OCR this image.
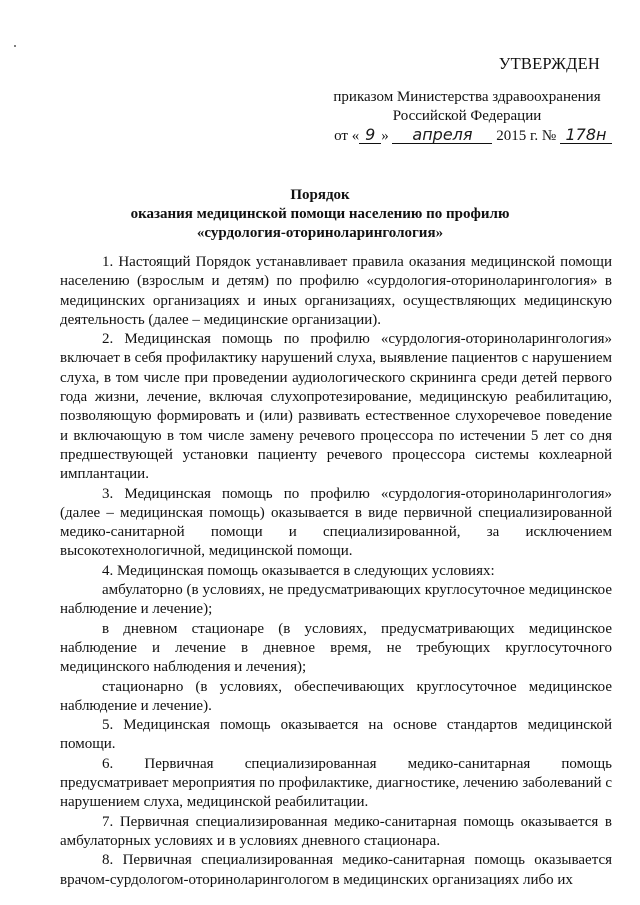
УТВЕРЖДЕН
приказом Министерства здравоохранения
Российской Федерации
от « 9 » апреля 2015 г. № 178н
Порядок
оказания медицинской помощи населению по профилю
«сурдология-оториноларингология»

1. Настоящий Порядок устанавливает правила оказания медицинской помощи населению (взрослым и детям) по профилю «сурдология-оториноларингология» в медицинских организациях и иных организациях, осуществляющих медицинскую деятельность (далее – медицинские организации).

2. Медицинская помощь по профилю «сурдология-оториноларингология» включает в себя профилактику нарушений слуха, выявление пациентов с нарушением слуха, в том числе при проведении аудиологического скрининга среди детей первого года жизни, лечение, включая слухопротезирование, медицинскую реабилитацию, позволяющую формировать и (или) развивать естественное слухоречевое поведение и включающую в том числе замену речевого процессора по истечении 5 лет со дня предшествующей установки пациенту речевого процессора системы кохлеарной имплантации.

3. Медицинская помощь по профилю «сурдология-оториноларингология» (далее – медицинская помощь) оказывается в виде первичной специализированной медико-санитарной помощи и специализированной, за исключением высокотехнологичной, медицинской помощи.

4. Медицинская помощь оказывается в следующих условиях:

амбулаторно (в условиях, не предусматривающих круглосуточное медицинское наблюдение и лечение);

в дневном стационаре (в условиях, предусматривающих медицинское наблюдение и лечение в дневное время, не требующих круглосуточного медицинского наблюдения и лечения);

стационарно (в условиях, обеспечивающих круглосуточное медицинское наблюдение и лечение).

5. Медицинская помощь оказывается на основе стандартов медицинской помощи.

6. Первичная специализированная медико-санитарная помощь предусматривает мероприятия по профилактике, диагностике, лечению заболеваний с нарушением слуха, медицинской реабилитации.

7. Первичная специализированная медико-санитарная помощь оказывается в амбулаторных условиях и в условиях дневного стационара.

8. Первичная специализированная медико-санитарная помощь оказывается врачом-сурдологом-оториноларингологом в медицинских организациях либо их
